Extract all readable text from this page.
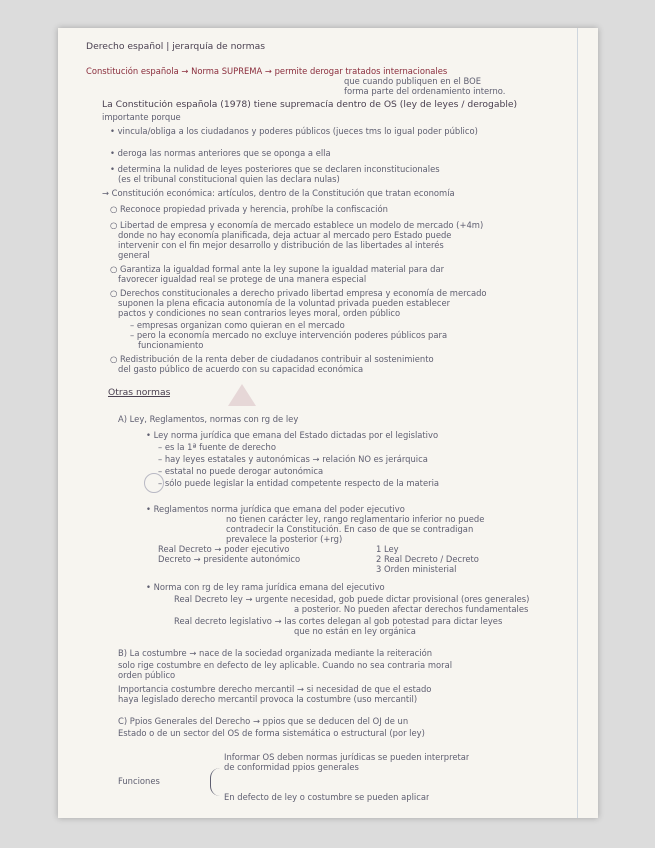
Derecho español | jerarquía de normas
Constitución española → Norma SUPREMA → permite derogar tratados internacionales
que cuando publiquen en el BOE
forma parte del ordenamiento interno.
La Constitución española (1978) tiene supremacía dentro de OS (ley de leyes / derogable)
importante porque
• vincula/obliga a los ciudadanos y poderes públicos (jueces tms lo igual poder público)
• deroga las normas anteriores que se oponga a ella
• determina la nulidad de leyes posteriores que se declaren inconstitucionales
(es el tribunal constitucional quien las declara nulas)
→ Constitución económica: artículos, dentro de la Constitución que tratan economía
○ Reconoce propiedad privada y herencia, prohíbe la confiscación
○ Libertad de empresa y economía de mercado establece un modelo de mercado (+4m)
donde no hay economía planificada, deja actuar al mercado pero Estado puede
intervenir con el fin mejor desarrollo y distribución de las libertades al interés
general
○ Garantiza la igualdad formal ante la ley supone la igualdad material para dar
favorecer igualdad real se protege de una manera especial
○ Derechos constitucionales a derecho privado libertad empresa y economía de mercado
suponen la plena eficacia autonomía de la voluntad privada pueden establecer
pactos y condiciones no sean contrarios leyes moral, orden público
– empresas organizan como quieran en el mercado
– pero la economía mercado no excluye intervención poderes públicos para
funcionamiento
○ Redistribución de la renta deber de ciudadanos contribuir al sostenimiento
del gasto público de acuerdo con su capacidad económica
Otras normas
A) Ley, Reglamentos, normas con rg de ley
• Ley norma jurídica que emana del Estado dictadas por el legislativo
– es la 1ª fuente de derecho
– hay leyes estatales y autonómicas → relación NO es jerárquica
– estatal no puede derogar autonómica
– sólo puede legislar la entidad competente respecto de la materia
• Reglamentos norma jurídica que emana del poder ejecutivo
no tienen carácter ley, rango reglamentario inferior no puede
contradecir la Constitución. En caso de que se contradigan
prevalece la posterior (+rg)
Real Decreto → poder ejecutivo
Decreto → presidente autonómico
1 Ley
2 Real Decreto / Decreto
3 Orden ministerial
• Norma con rg de ley rama jurídica emana del ejecutivo
Real Decreto ley → urgente necesidad, gob puede dictar provisional (ores generales)
a posterior. No pueden afectar derechos fundamentales
Real decreto legislativo → las cortes delegan al gob potestad para dictar leyes
que no están en ley orgánica
B) La costumbre → nace de la sociedad organizada mediante la reiteración
solo rige costumbre en defecto de ley aplicable. Cuando no sea contraria moral
orden público
Importancia costumbre derecho mercantil → si necesidad de que el estado
haya legislado derecho mercantil provoca la costumbre (uso mercantil)
C) Ppios Generales del Derecho → ppios que se deducen del OJ de un
Estado o de un sector del OS de forma sistemática o estructural (por ley)
Informar OS deben normas jurídicas se pueden interpretar
de conformidad ppios generales
Funciones
En defecto de ley o costumbre se pueden aplicar
